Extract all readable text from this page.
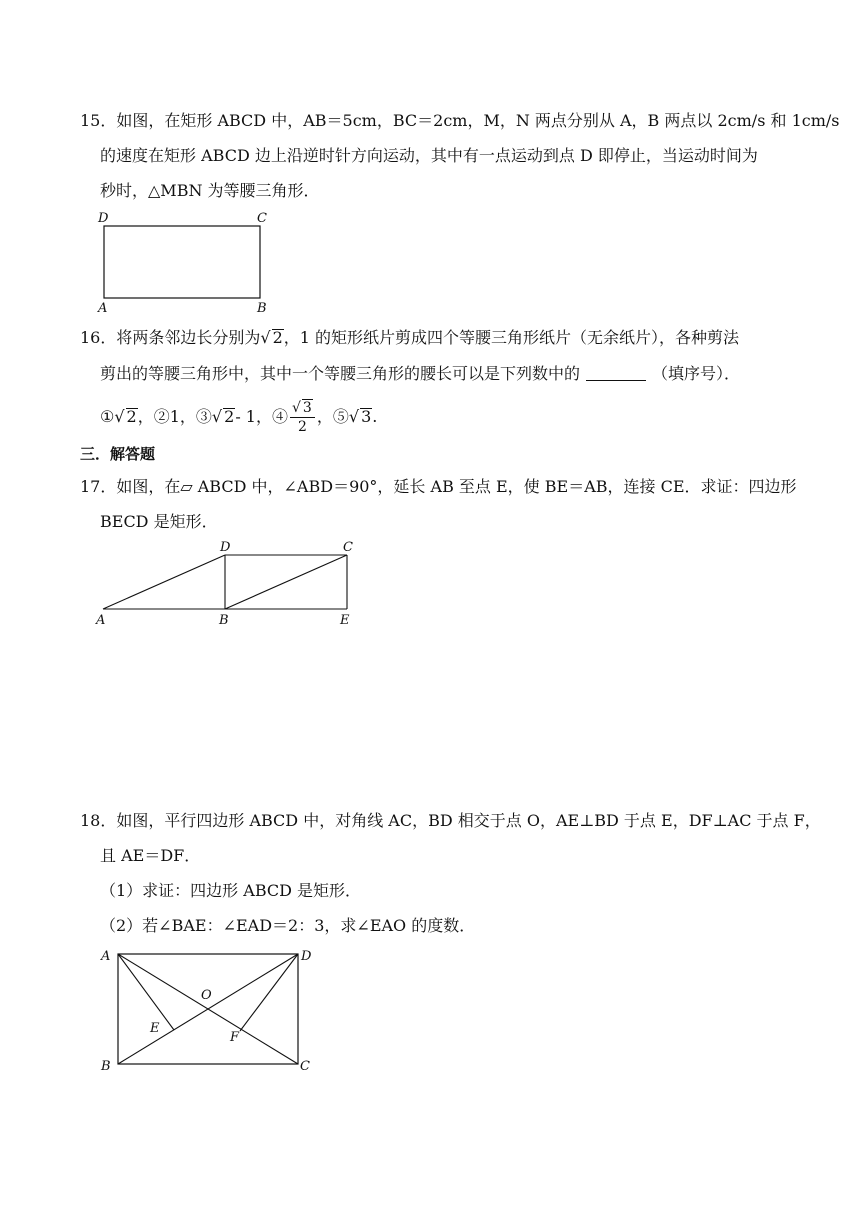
15．如图，在矩形 ABCD 中，AB＝5cm，BC＝2cm，M，N 两点分别从 A，B 两点以 2cm/s 和 1cm/s
的速度在矩形 ABCD 边上沿逆时针方向运动，其中有一点运动到点 D 即停止，当运动时间为
秒时，△MBN 为等腰三角形．
D	C
A	B
16．将两条邻边长分别为√ 2，1 的矩形纸片剪成四个等腰三角形纸片（无余纸片），各种剪法
剪出的等腰三角形中，其中一个等腰三角形的腰长可以是下列数中的	（填序号）．
①√ 2，②1，③√ 2- 1，④ $\frac{√ 3}{2}$ ，⑤√ 3.
三．解答题
17．如图，在▱ ABCD 中，∠ABD＝90°，延长 AB 至点 E，使 BE＝AB，连接 CE．求证：四边形
BECD 是矩形．
D	C
A	B	E
18．如图，平行四边形 ABCD 中，对角线 AC，BD 相交于点 O，AE⊥BD 于点 E，DF⊥AC 于点 F，
且 AE＝DF．
（1）求证：四边形 ABCD 是矩形．
（2）若∠BAE：∠EAD＝2：3，求∠EAO 的度数．
A	D
O
E
F
B	C
